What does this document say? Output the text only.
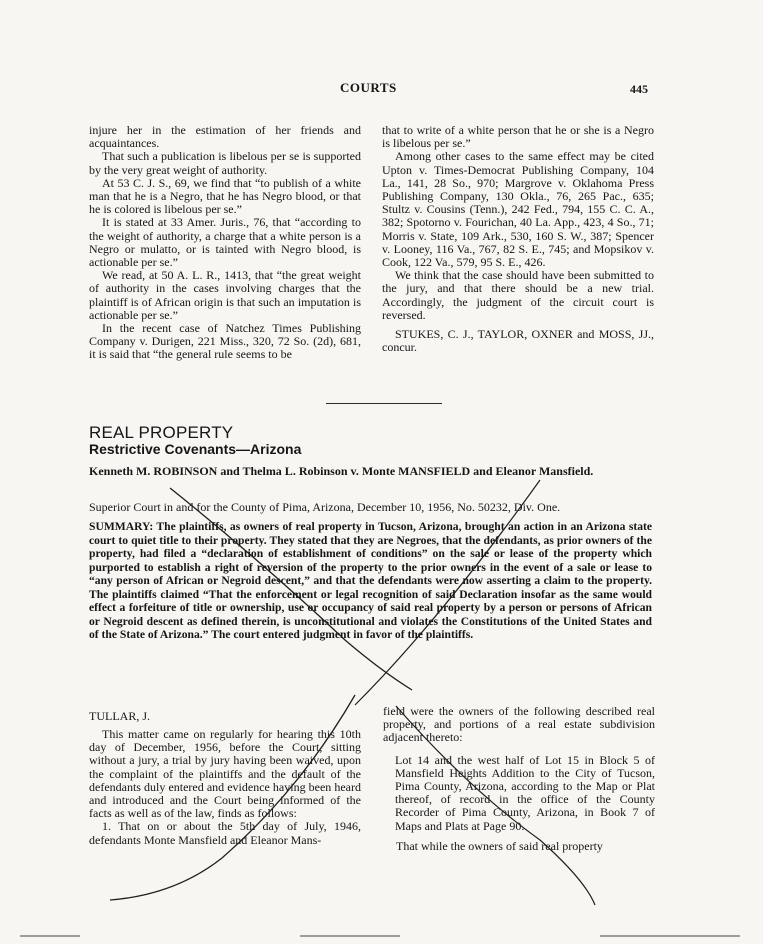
COURTS	445

injure her in the estimation of her friends and acquaintances.

That such a publication is libelous per se is supported by the very great weight of authority.

At 53 C. J. S., 69, we find that “to publish of a white man that he is a Negro, that he has Negro blood, or that he is colored is libelous per se.”

It is stated at 33 Amer. Juris., 76, that “according to the weight of authority, a charge that a white person is a Negro or mulatto, or is tainted with Negro blood, is actionable per se.”

We read, at 50 A. L. R., 1413, that “the great weight of authority in the cases involving charges that the plaintiff is of African origin is that such an imputation is actionable per se.”

In the recent case of Natchez Times Publishing Company v. Durigen, 221 Miss., 320, 72 So. (2d), 681, it is said that “the general rule seems to be

that to write of a white person that he or she is a Negro is libelous per se.”

Among other cases to the same effect may be cited Upton v. Times-Democrat Publishing Company, 104 La., 141, 28 So., 970; Margrove v. Oklahoma Press Publishing Company, 130 Okla., 76, 265 Pac., 635; Stultz v. Cousins (Tenn.), 242 Fed., 794, 155 C. C. A., 382; Spotorno v. Fourichan, 40 La. App., 423, 4 So., 71; Morris v. State, 109 Ark., 530, 160 S. W., 387; Spencer v. Looney, 116 Va., 767, 82 S. E., 745; and Mopsikov v. Cook, 122 Va., 579, 95 S. E., 426.

We think that the case should have been submitted to the jury, and that there should be a new trial. Accordingly, the judgment of the circuit court is reversed.

STUKES, C. J., TAYLOR, OXNER and MOSS, JJ., concur.

REAL PROPERTY
Restrictive Covenants—Arizona
Kenneth M. ROBINSON and Thelma L. Robinson v. Monte MANSFIELD and Eleanor Mansfield.
Superior Court in and for the County of Pima, Arizona, December 10, 1956, No. 50232, Div. One.
SUMMARY: The plaintiffs, as owners of real property in Tucson, Arizona, brought an action in an Arizona state court to quiet title to their property. They stated that they are Negroes, that the defendants, as prior owners of the property, had filed a “declaration of establishment of conditions” on the sale or lease of the property which purported to establish a right of reversion of the property to the prior owners in the event of a sale or lease to “any person of African or Negroid descent,” and that the defendants were now asserting a claim to the property. The plaintiffs claimed “That the enforcement or legal recognition of said Declaration insofar as the same would effect a forfeiture of title or ownership, use or occupancy of said real property by a person or persons of African or Negroid descent as defined therein, is unconstitutional and violates the Constitutions of the United States and of the State of Arizona.” The court entered judgment in favor of the plaintiffs.
TULLAR, J.

This matter came on regularly for hearing this 10th day of December, 1956, before the Court, sitting without a jury, a trial by jury having been waived, upon the complaint of the plaintiffs and the default of the defendants duly entered and evidence having been heard and introduced and the Court being informed of the facts as well as of the law, finds as follows:

1. That on or about the 5th day of July, 1946, defendants Monte Mansfield and Eleanor Mans-

field were the owners of the following described real property, and portions of a real estate subdivision adjacent thereto:

Lot 14 and the west half of Lot 15 in Block 5 of Mansfield Heights Addition to the City of Tucson, Pima County, Arizona, according to the Map or Plat thereof, of record in the office of the County Recorder of Pima County, Arizona, in Book 7 of Maps and Plats at Page 90.

That while the owners of said real property
